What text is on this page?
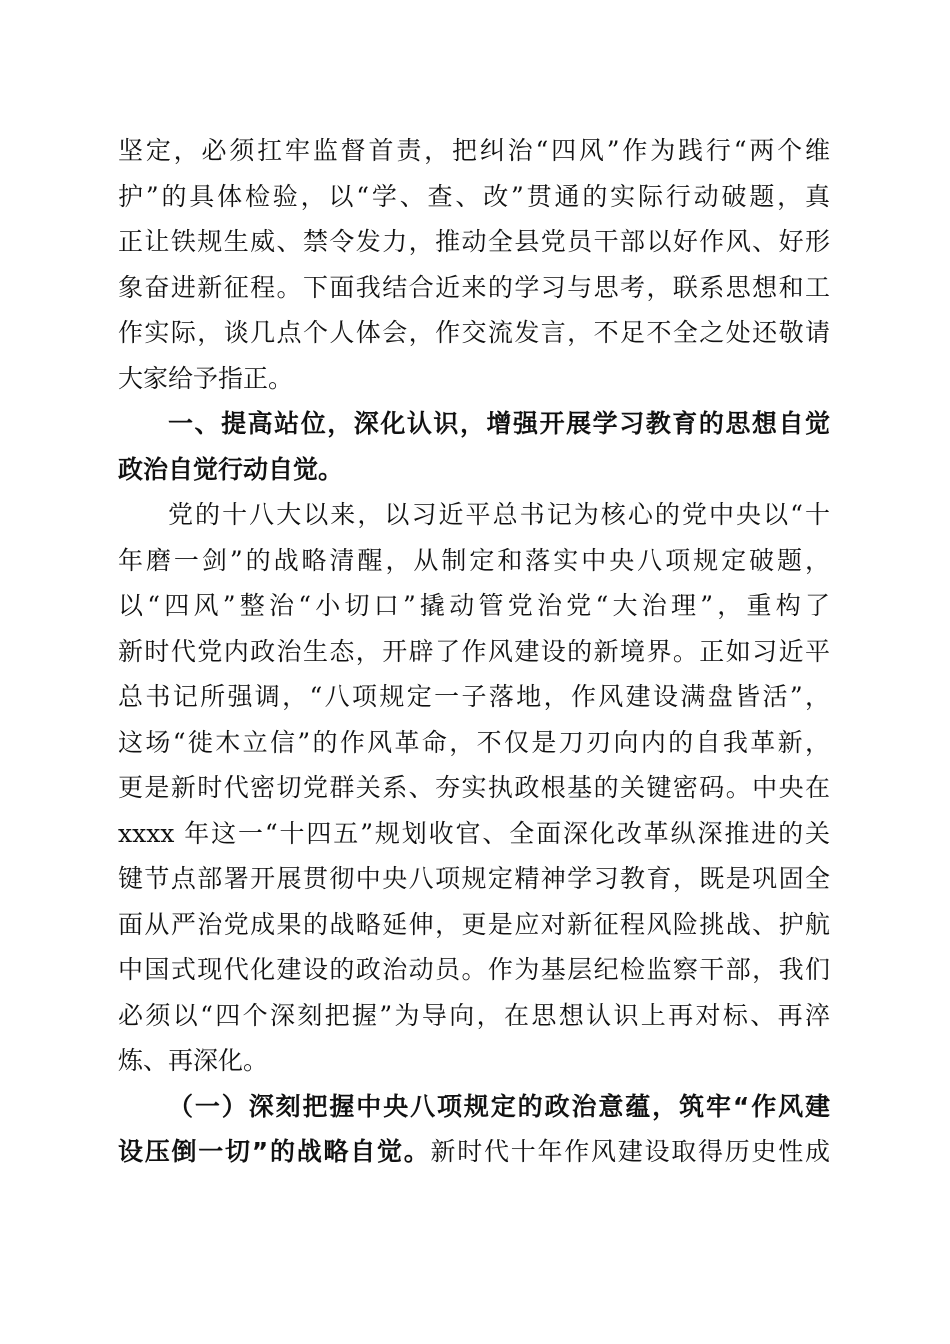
坚定，必须扛牢监督首责，把纠治“四风”作为践行“两个维
护”的具体检验，以“学、查、改”贯通的实际行动破题，真
正让铁规生威、禁令发力，推动全县党员干部以好作风、好形
象奋进新征程。下面我结合近来的学习与思考，联系思想和工
作实际，谈几点个人体会，作交流发言，不足不全之处还敬请
大家给予指正。
一、提高站位，深化认识，增强开展学习教育的思想自觉
政治自觉行动自觉。
党的十八大以来，以习近平总书记为核心的党中央以“十
年磨一剑”的战略清醒，从制定和落实中央八项规定破题，
以“四风”整治“小切口”撬动管党治党“大治理”，重构了
新时代党内政治生态，开辟了作风建设的新境界。正如习近平
总书记所强调，“八项规定一子落地，作风建设满盘皆活”，
这场“徙木立信”的作风革命，不仅是刀刃向内的自我革新，
更是新时代密切党群关系、夯实执政根基的关键密码。中央在
xxxx 年这一“十四五”规划收官、全面深化改革纵深推进的关
键节点部署开展贯彻中央八项规定精神学习教育，既是巩固全
面从严治党成果的战略延伸，更是应对新征程风险挑战、护航
中国式现代化建设的政治动员。作为基层纪检监察干部，我们
必须以“四个深刻把握”为导向，在思想认识上再对标、再淬
炼、再深化。
（一）深刻把握中央八项规定的政治意蕴，筑牢“作风建
设压倒一切”的战略自觉。新时代十年作风建设取得历史性成
